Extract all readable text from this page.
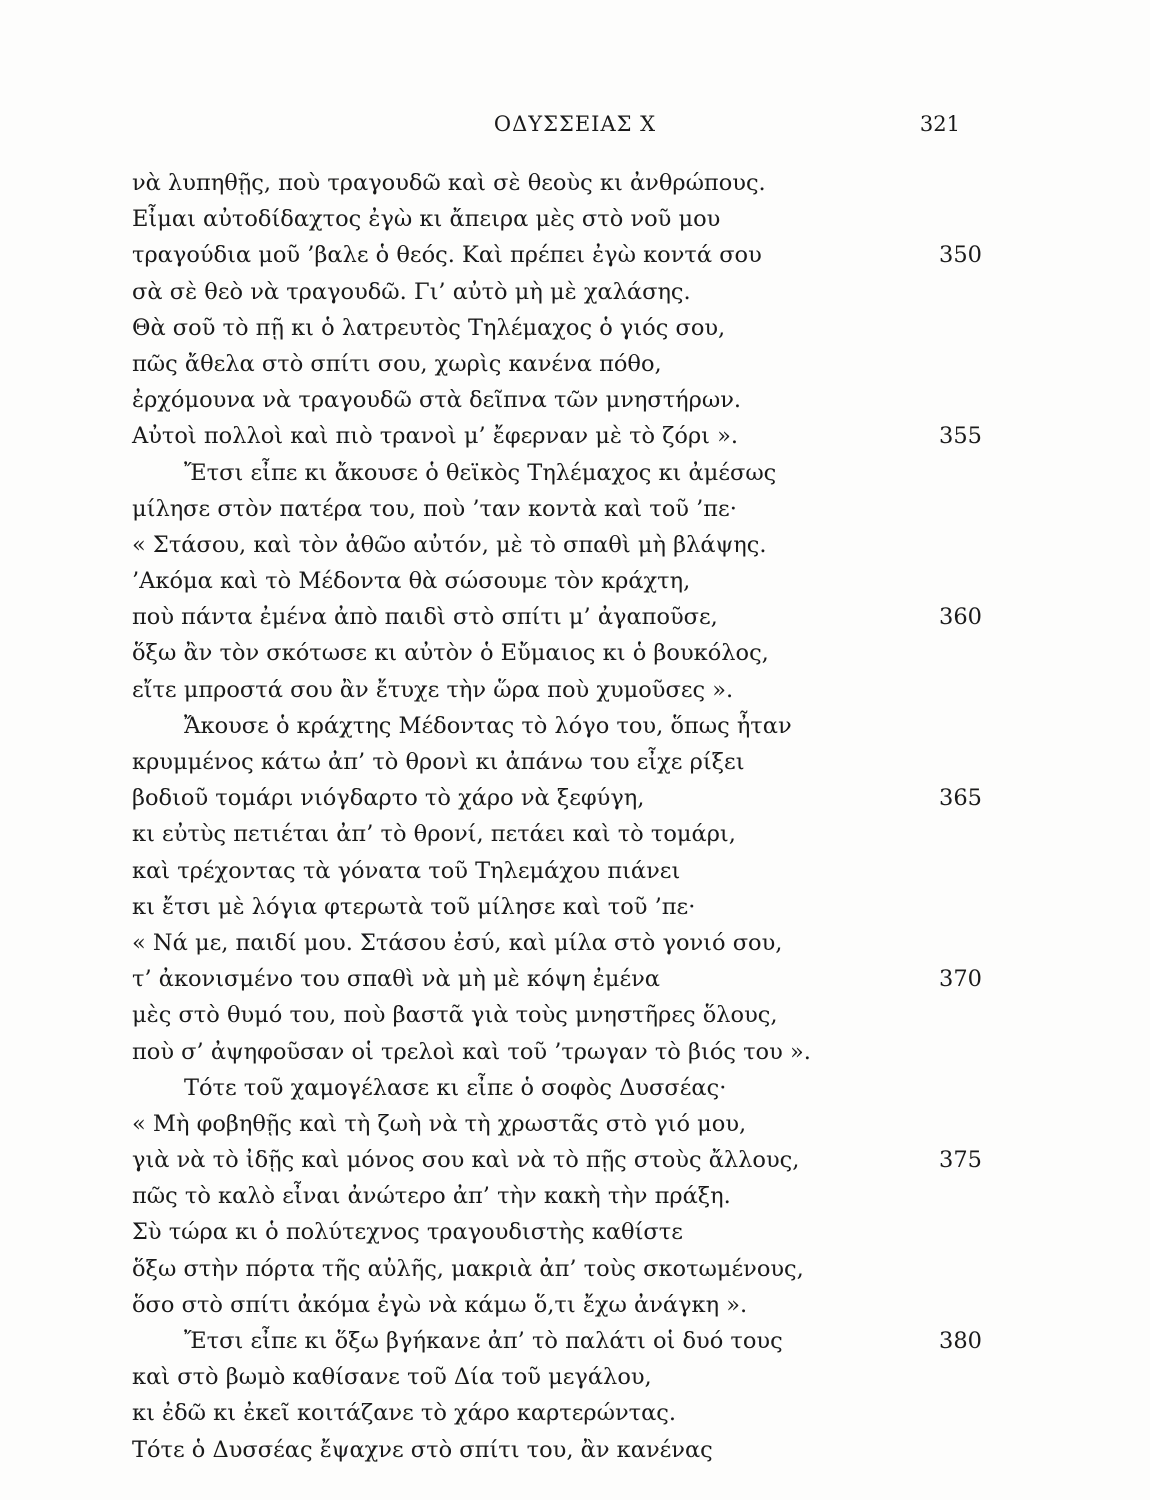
ΟΔΥΣΣΕΙΑΣ Χ	321
νὰ λυπηθῇς, ποὺ τραγουδῶ καὶ σὲ θεοὺς κι ἀνθρώπους.
Εἶμαι αὐτοδίδαχτος ἐγὼ κι ἄπειρα μὲς στὸ νοῦ μου
τραγούδια μοῦ ’βαλε ὁ θεός. Καὶ πρέπει ἐγὼ κοντά σου	350
σὰ σὲ θεὸ νὰ τραγουδῶ. Γι’ αὐτὸ μὴ μὲ χαλάσης.
Θὰ σοῦ τὸ πῇ κι ὁ λατρευτὸς Τηλέμαχος ὁ γιός σου,
πῶς ἄθελα στὸ σπίτι σου, χωρὶς κανένα πόθο,
ἐρχόμουνα νὰ τραγουδῶ στὰ δεῖπνα τῶν μνηστήρων.
Αὐτοὶ πολλοὶ καὶ πιὸ τρανοὶ μ’ ἔφερναν μὲ τὸ ζόρι ».	355
Ἔτσι εἶπε κι ἄκουσε ὁ θεϊκὸς Τηλέμαχος κι ἀμέσως
μίλησε στὸν πατέρα του, ποὺ ’ταν κοντὰ καὶ τοῦ ’πε·
« Στάσου, καὶ τὸν ἀθῶο αὐτόν, μὲ τὸ σπαθὶ μὴ βλάψης.
’Ακόμα καὶ τὸ Μέδοντα θὰ σώσουμε τὸν κράχτη,
ποὺ πάντα ἐμένα ἀπὸ παιδὶ στὸ σπίτι μ’ ἀγαποῦσε,	360
ὅξω ἂν τὸν σκότωσε κι αὐτὸν ὁ Εὔμαιος κι ὁ βουκόλος,
εἴτε μπροστά σου ἂν ἔτυχε τὴν ὥρα ποὺ χυμοῦσες ».
Ἄκουσε ὁ κράχτης Μέδοντας τὸ λόγο του, ὅπως ἦταν
κρυμμένος κάτω ἀπ’ τὸ θρονὶ κι ἀπάνω του εἶχε ρίξει
βοδιοῦ τομάρι νιόγδαρτο τὸ χάρο νὰ ξεφύγη,	365
κι εὐτὺς πετιέται ἀπ’ τὸ θρονί, πετάει καὶ τὸ τομάρι,
καὶ τρέχοντας τὰ γόνατα τοῦ Τηλεμάχου πιάνει
κι ἔτσι μὲ λόγια φτερωτὰ τοῦ μίλησε καὶ τοῦ ’πε·
« Νά με, παιδί μου. Στάσου ἐσύ, καὶ μίλα στὸ γονιό σου,
τ’ ἀκονισμένο του σπαθὶ νὰ μὴ μὲ κόψη ἐμένα	370
μὲς στὸ θυμό του, ποὺ βαστᾶ γιὰ τοὺς μνηστῆρες ὅλους,
ποὺ σ’ ἀψηφοῦσαν οἱ τρελοὶ καὶ τοῦ ’τρωγαν τὸ βιός του ».
Τότε τοῦ χαμογέλασε κι εἶπε ὁ σοφὸς Δυσσέας·
« Μὴ φοβηθῇς καὶ τὴ ζωὴ νὰ τὴ χρωστᾶς στὸ γιό μου,
γιὰ νὰ τὸ ἰδῇς καὶ μόνος σου καὶ νὰ τὸ πῇς στοὺς ἄλλους,	375
πῶς τὸ καλὸ εἶναι ἀνώτερο ἀπ’ τὴν κακὴ τὴν πράξη.
Σὺ τώρα κι ὁ πολύτεχνος τραγουδιστὴς καθίστε
ὅξω στὴν πόρτα τῆς αὐλῆς, μακριὰ ἀπ’ τοὺς σκοτωμένους,
ὅσο στὸ σπίτι ἀκόμα ἐγὼ νὰ κάμω ὅ,τι ἔχω ἀνάγκη ».
Ἔτσι εἶπε κι ὅξω βγήκανε ἀπ’ τὸ παλάτι οἱ δυό τους	380
καὶ στὸ βωμὸ καθίσανε τοῦ Δία τοῦ μεγάλου,
κι ἐδῶ κι ἐκεῖ κοιτάζανε τὸ χάρο καρτερώντας.
Τότε ὁ Δυσσέας ἔψαχνε στὸ σπίτι του, ἂν κανένας
